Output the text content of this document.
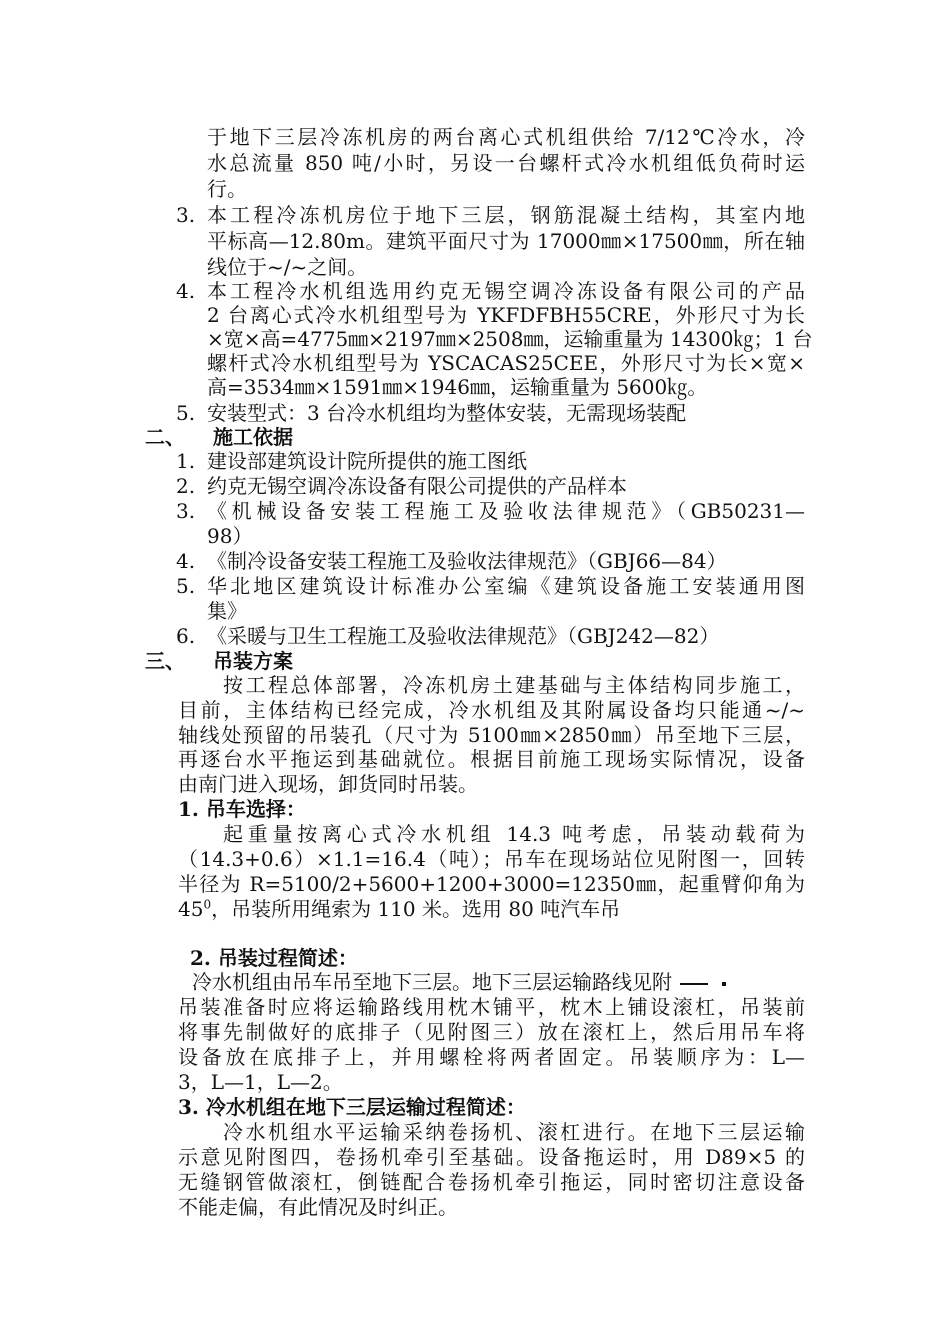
于地下三层冷冻机房的两台离心式机组供给 7/12℃冷水，冷
水总流量 850 吨/小时，另设一台螺杆式冷水机组低负荷时运
行。
3. 本工程冷冻机房位于地下三层，钢筋混凝土结构，其室内地
平标高—12.80m。建筑平面尺寸为 17000㎜×17500㎜，所在轴
线位于~/~之间。
4. 本工程冷水机组选用约克无锡空调冷冻设备有限公司的产品
2 台离心式冷水机组型号为 YKFDFBH55CRE，外形尺寸为长
×宽×高=4775㎜×2197㎜×2508㎜，运输重量为 14300㎏；1 台
螺杆式冷水机组型号为 YSCACAS25CEE，外形尺寸为长×宽×
高=3534㎜×1591㎜×1946㎜，运输重量为 5600㎏。
5. 安装型式：3 台冷水机组均为整体安装，无需现场装配
二、 施工依据
1. 建设部建筑设计院所提供的施工图纸
2. 约克无锡空调冷冻设备有限公司提供的产品样本
3. 《机械设备安装工程施工及验收法律规范》（GB50231—
98）
4. 《制冷设备安装工程施工及验收法律规范》（GBJ66—84）
5. 华北地区建筑设计标准办公室编《建筑设备施工安装通用图
集》
6. 《采暖与卫生工程施工及验收法律规范》（GBJ242—82）
三、 吊装方案
按工程总体部署，冷冻机房土建基础与主体结构同步施工，
目前，主体结构已经完成，冷水机组及其附属设备均只能通~/~
轴线处预留的吊装孔（尺寸为 5100㎜×2850㎜）吊至地下三层，
再逐台水平拖运到基础就位。根据目前施工现场实际情况，设备
由南门进入现场，卸货同时吊装。
1. 吊车选择：
起重量按离心式冷水机组 14.3 吨考虑，吊装动载荷为
（14.3+0.6）×1.1=16.4（吨）；吊车在现场站位见附图一，回转
半径为 R=5100/2+5600+1200+3000=12350㎜，起重臂仰角为
$45^0$，吊装所用绳索为 110 米。选用 80 吨汽车吊
2. 吊装过程简述：
冷水机组由吊车吊至地下三层。地下三层运输路线见附
吊装准备时应将运输路线用枕木铺平，枕木上铺设滚杠，吊装前
将事先制做好的底排子（见附图三）放在滚杠上，然后用吊车将
设备放在底排子上，并用螺栓将两者固定。吊装顺序为：L—
3，L—1，L—2。
3. 冷水机组在地下三层运输过程简述：
冷水机组水平运输采纳卷扬机、滚杠进行。在地下三层运输
示意见附图四，卷扬机牵引至基础。设备拖运时，用 D89×5 的
无缝钢管做滚杠，倒链配合卷扬机牵引拖运，同时密切注意设备
不能走偏，有此情况及时纠正。
